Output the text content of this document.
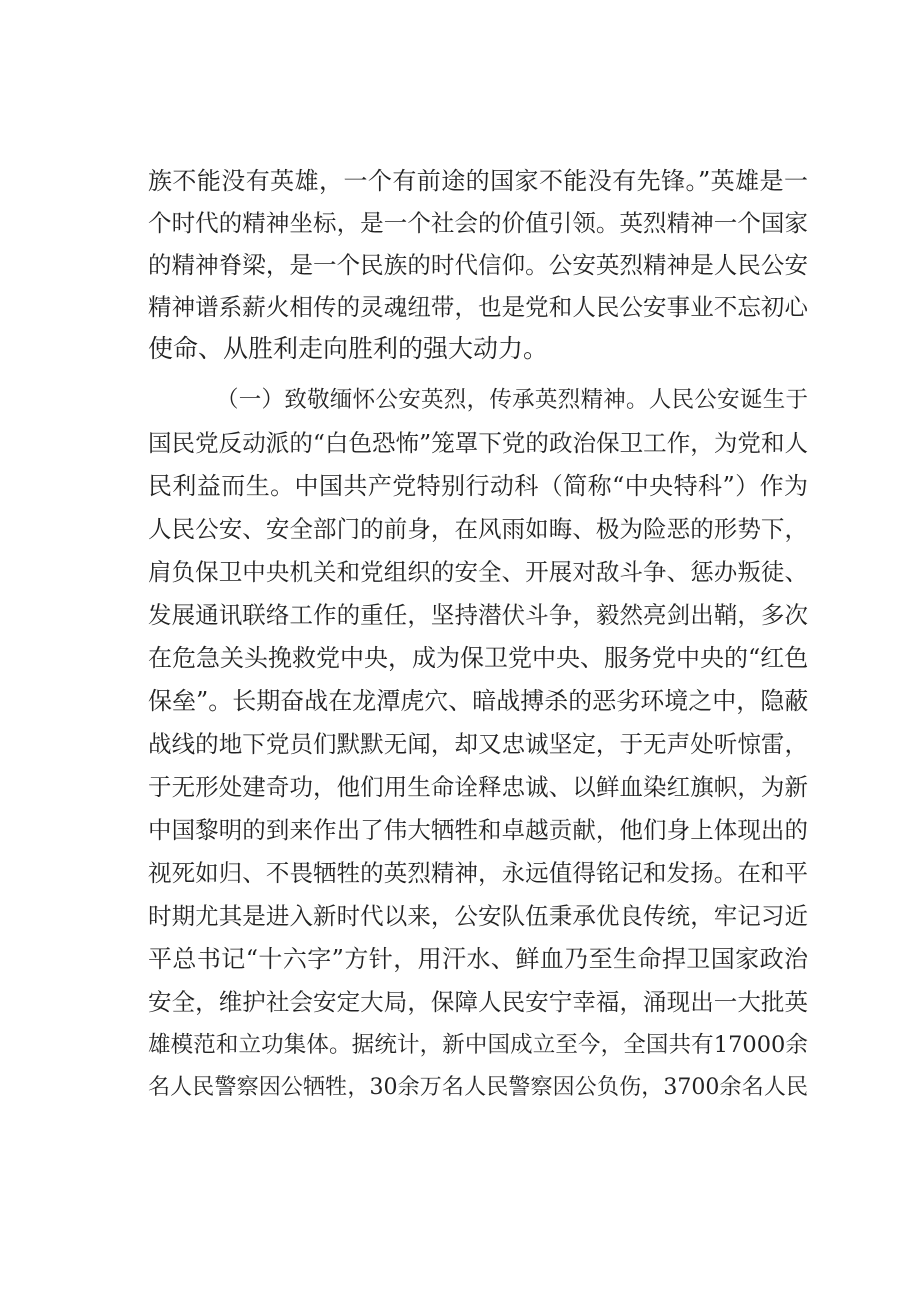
族不能没有英雄，一个有前途的国家不能没有先锋。”英雄是一
个时代的精神坐标，是一个社会的价值引领。英烈精神一个国家
的精神脊梁，是一个民族的时代信仰。公安英烈精神是人民公安
精神谱系薪火相传的灵魂纽带，也是党和人民公安事业不忘初心
使命、从胜利走向胜利的强大动力。
（一）致敬缅怀公安英烈，传承英烈精神。人民公安诞生于
国民党反动派的“白色恐怖”笼罩下党的政治保卫工作，为党和人
民利益而生。中国共产党特别行动科（简称“中央特科”）作为
人民公安、安全部门的前身，在风雨如晦、极为险恶的形势下，
肩负保卫中央机关和党组织的安全、开展对敌斗争、惩办叛徒、
发展通讯联络工作的重任，坚持潜伏斗争，毅然亮剑出鞘，多次
在危急关头挽救党中央，成为保卫党中央、服务党中央的“红色
保垒”。长期奋战在龙潭虎穴、暗战搏杀的恶劣环境之中，隐蔽
战线的地下党员们默默无闻，却又忠诚坚定，于无声处听惊雷，
于无形处建奇功，他们用生命诠释忠诚、以鲜血染红旗帜，为新
中国黎明的到来作出了伟大牺牲和卓越贡献，他们身上体现出的
视死如归、不畏牺牲的英烈精神，永远值得铭记和发扬。在和平
时期尤其是进入新时代以来，公安队伍秉承优良传统，牢记习近
平总书记“十六字”方针，用汗水、鲜血乃至生命捍卫国家政治
安全，维护社会安定大局，保障人民安宁幸福，涌现出一大批英
雄模范和立功集体。据统计，新中国成立至今，全国共有17000余
名人民警察因公牺牲，30余万名人民警察因公负伤，3700余名人民
